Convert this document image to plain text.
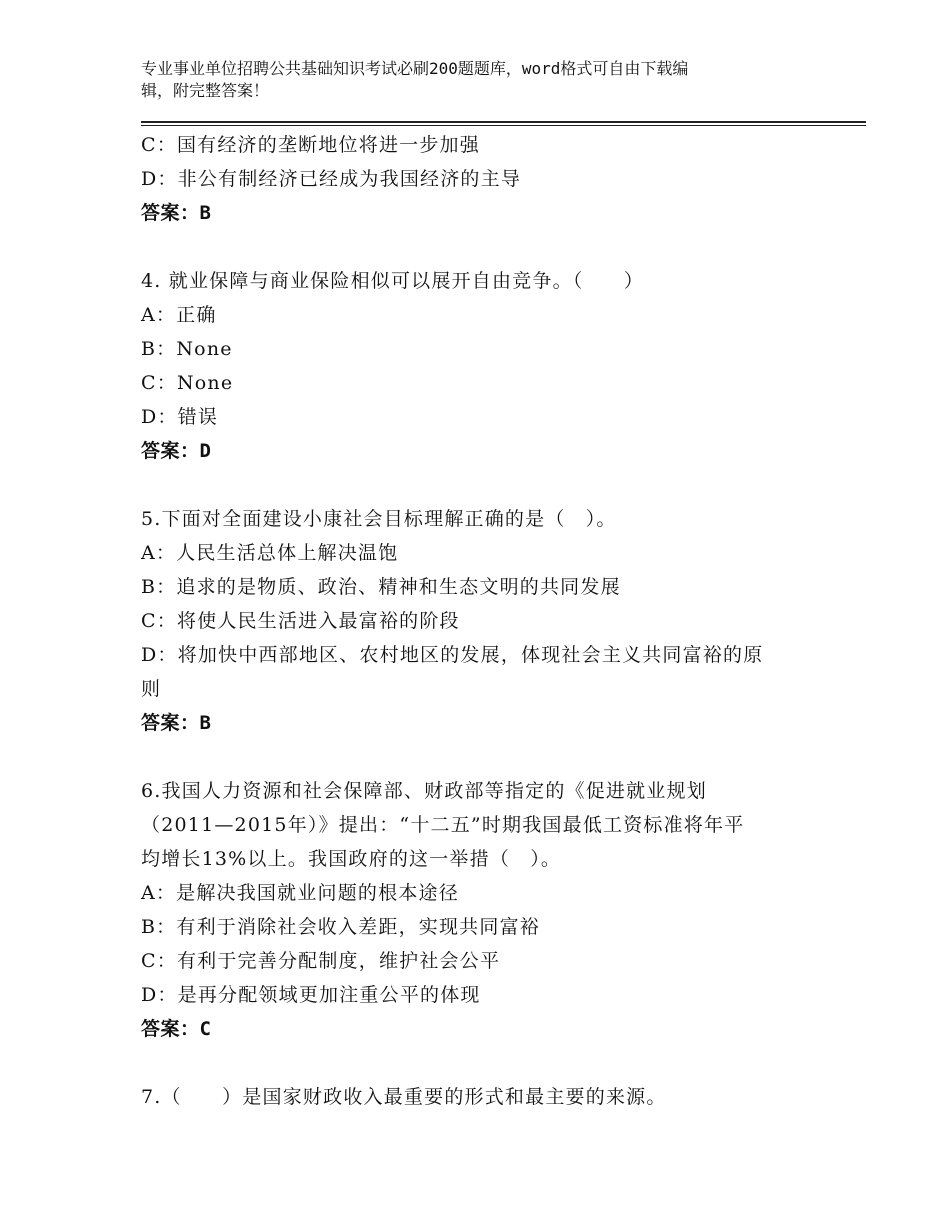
专业事业单位招聘公共基础知识考试必刷200题题库，word格式可自由下载编
辑，附完整答案！
C：国有经济的垄断地位将进一步加强
D：非公有制经济已经成为我国经济的主导
答案：B
4. 就业保障与商业保险相似可以展开自由竞争。（　　）
A：正确
B：None
C：None
D：错误
答案：D
5.下面对全面建设小康社会目标理解正确的是（　）。
A：人民生活总体上解决温饱
B：追求的是物质、政治、精神和生态文明的共同发展
C：将使人民生活进入最富裕的阶段
D：将加快中西部地区、农村地区的发展，体现社会主义共同富裕的原
则
答案：B
6.我国人力资源和社会保障部、财政部等指定的《促进就业规划
（2011—2015年）》提出：“十二五”时期我国最低工资标准将年平
均增长13%以上。我国政府的这一举措（　）。
A：是解决我国就业问题的根本途径
B：有利于消除社会收入差距，实现共同富裕
C：有利于完善分配制度，维护社会公平
D：是再分配领域更加注重公平的体现
答案：C
7.（　　）是国家财政收入最重要的形式和最主要的来源。
